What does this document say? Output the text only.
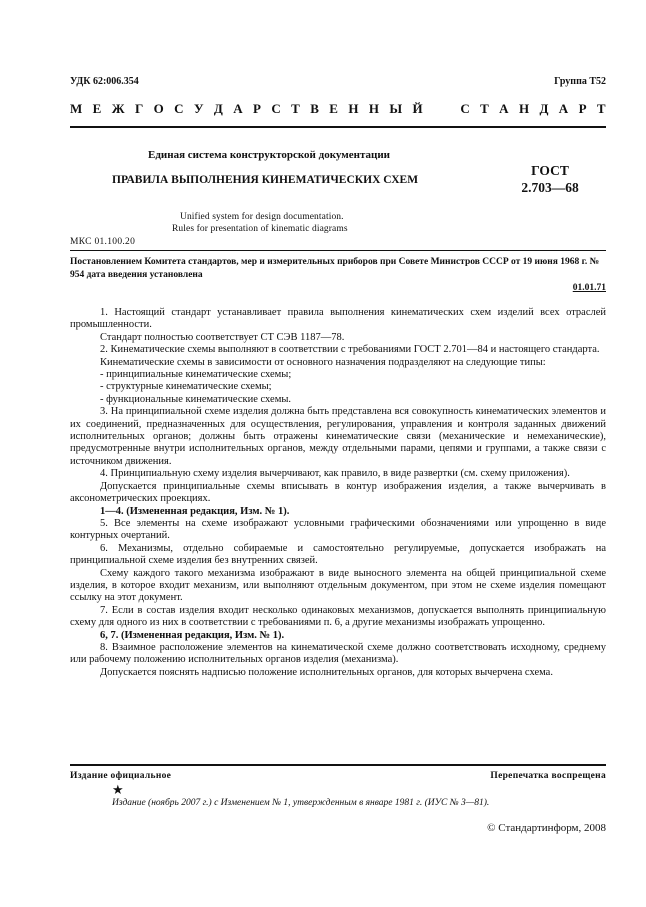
УДК 62:006.354	Группа Т52
М Е Ж Г О С У Д А Р С Т В Е Н Н Ы Й

	С Т А Н Д А Р Т
Единая система конструкторской документации
ПРАВИЛА ВЫПОЛНЕНИЯ КИНЕМАТИЧЕСКИХ СХЕМ
ГОСТ
2.703—68
Unified system for design documentation.
Rules for presentation of kinematic diagrams
МКС 01.100.20
Постановлением Комитета стандартов, мер и измерительных приборов при Совете Министров СССР от 19 июня 1968 г. № 954 дата введения установлена
01.01.71

1. Настоящий стандарт устанавливает правила выполнения кинематических схем изделий всех отраслей промышленности.

Стандарт полностью соответствует СТ СЭВ 1187—78.

2. Кинематические схемы выполняют в соответствии с требованиями ГОСТ 2.701—84 и настоящего стандарта.

Кинематические схемы в зависимости от основного назначения подразделяют на следующие типы:

- принципиальные кинематические схемы;

- структурные кинематические схемы;

- функциональные кинематические схемы.

3. На принципиальной схеме изделия должна быть представлена вся совокупность кинематических элементов и их соединений, предназначенных для осуществления, регулирования, управления и контроля заданных движений исполнительных органов; должны быть отражены кинематические связи (механические и немеханические), предусмотренные внутри исполнительных органов, между отдельными парами, цепями и группами, а также связи с источником движения.

4. Принципиальную схему изделия вычерчивают, как правило, в виде развертки (см. схему приложения).

Допускается принципиальные схемы вписывать в контур изображения изделия, а также вычерчивать в аксонометрических проекциях.

1—4. (Измененная редакция, Изм. № 1).

5. Все элементы на схеме изображают условными графическими обозначениями или упрощенно в виде контурных очертаний.

6. Механизмы, отдельно собираемые и самостоятельно регулируемые, допускается изображать на принципиальной схеме изделия без внутренних связей.

Схему каждого такого механизма изображают в виде выносного элемента на общей принципиальной схеме изделия, в которое входит механизм, или выполняют отдельным документом, при этом не схеме изделия помещают ссылку на этот документ.

7. Если в состав изделия входит несколько одинаковых механизмов, допускается выполнять принципиальную схему для одного из них в соответствии с требованиями п. 6, а другие механизмы изображать упрощенно.

6, 7. (Измененная редакция, Изм. № 1).

8. Взаимное расположение элементов на кинематической схеме должно соответствовать исходному, среднему или рабочему положению исполнительных органов изделия (механизма).

Допускается пояснять надписью положение исполнительных органов, для которых вычерчена схема.

Издание официальное	Перепечатка воспрещена
★
Издание (ноябрь 2007 г.) с Изменением № 1, утвержденным в январе 1981 г. (ИУС № 3—81).
© Стандартинформ, 2008
